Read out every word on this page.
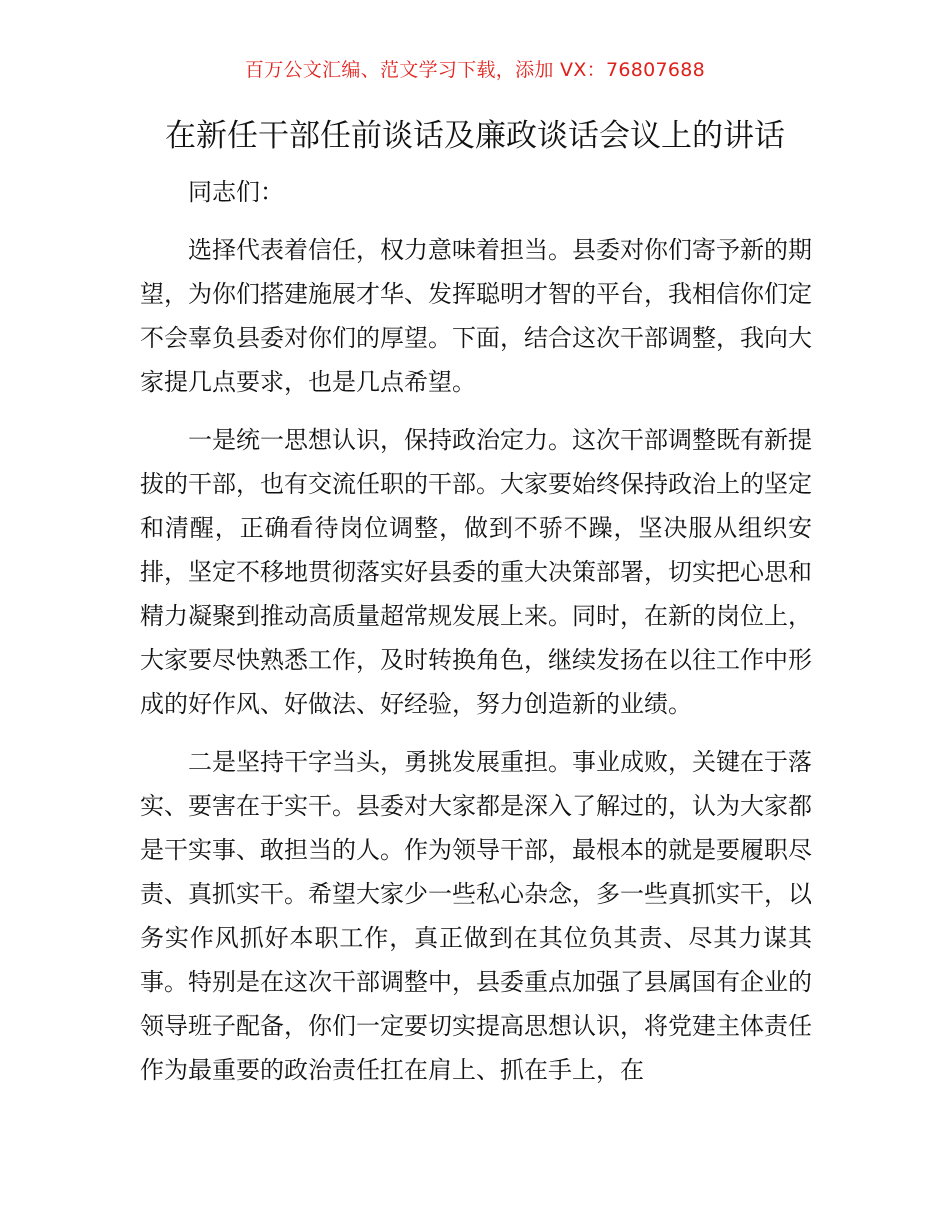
百万公文汇编、范文学习下载，添加 VX：76807688
在新任干部任前谈话及廉政谈话会议上的讲话

同志们：

选择代表着信任，权力意味着担当。县委对你们寄予新的期望，为你们搭建施展才华、发挥聪明才智的平台，我相信你们定不会辜负县委对你们的厚望。下面，结合这次干部调整，我向大家提几点要求，也是几点希望。

一是统一思想认识，保持政治定力。这次干部调整既有新提拔的干部，也有交流任职的干部。大家要始终保持政治上的坚定和清醒，正确看待岗位调整，做到不骄不躁，坚决服从组织安排，坚定不移地贯彻落实好县委的重大决策部署，切实把心思和精力凝聚到推动高质量超常规发展上来。同时，在新的岗位上，大家要尽快熟悉工作，及时转换角色，继续发扬在以往工作中形成的好作风、好做法、好经验，努力创造新的业绩。

二是坚持干字当头，勇挑发展重担。事业成败，关键在于落实、要害在于实干。县委对大家都是深入了解过的，认为大家都是干实事、敢担当的人。作为领导干部，最根本的就是要履职尽责、真抓实干。希望大家少一些私心杂念，多一些真抓实干，以务实作风抓好本职工作，真正做到在其位负其责、尽其力谋其事。特别是在这次干部调整中，县委重点加强了县属国有企业的领导班子配备，你们一定要切实提高思想认识，将党建主体责任作为最重要的政治责任扛在肩上、抓在手上，在
